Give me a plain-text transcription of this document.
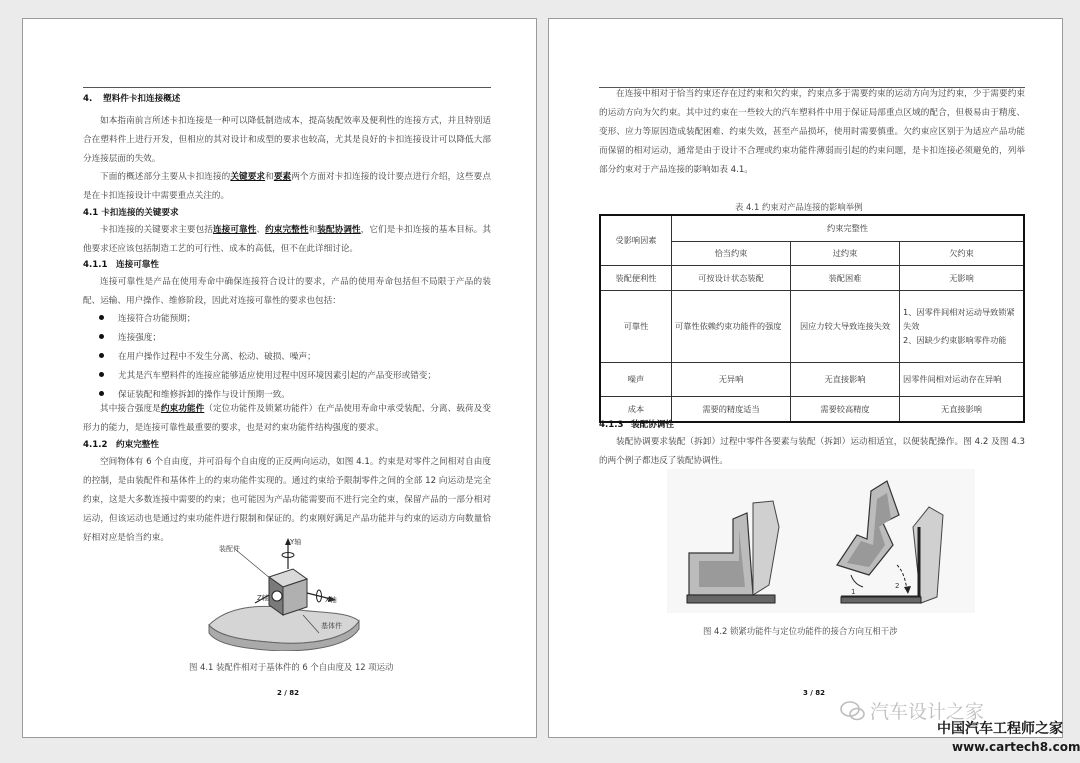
4. 塑料件卡扣连接概述

如本指南前言所述卡扣连接是一种可以降低制造成本，提高装配效率及便利性的连接方式，并且特别适合在塑料件上进行开发，但相应的其对设计和成型的要求也较高，尤其是良好的卡扣连接设计可以降低大部分连接层面的失效。

下面的概述部分主要从卡扣连接的关键要求和要素两个方面对卡扣连接的设计要点进行介绍，这些要点是在卡扣连接设计中需要重点关注的。

4.1 卡扣连接的关键要求

卡扣连接的关键要求主要包括连接可靠性、约束完整性和装配协调性，它们是卡扣连接的基本目标。其他要求还应该包括制造工艺的可行性、成本的高低，但不在此详细讨论。

4.1.1 连接可靠性

连接可靠性是产品在使用寿命中确保连接符合设计的要求，产品的使用寿命包括但不局限于产品的装配、运输、用户操作、维修阶段，因此对连接可靠性的要求也包括：

连接符合功能预期；
连接强度；
在用户操作过程中不发生分离、松动、破损、噪声；
尤其是汽车塑料件的连接应能够适应使用过程中因环境因素引起的产品变形或错变；
保证装配和维修拆卸的操作与设计预期一致。

其中接合强度是约束功能件（定位功能件及锁紧功能件）在产品使用寿命中承受装配、分离、载荷及变形力的能力，是连接可靠性最重要的要求，也是对约束功能件结构强度的要求。

4.1.2 约束完整性

空间物体有 6 个自由度，并可沿每个自由度的正反两向运动，如图 4.1。约束是对零件之间相对自由度的控制，是由装配件和基体件上的约束功能件实现的。通过约束给予限制零件之间的全部 12 向运动是完全约束，这是大多数连接中需要的约束；也可能因为产品功能需要而不进行完全约束，保留产品的一部分相对运动，但该运动也是通过约束功能件进行限制和保证的。约束刚好满足产品功能并与约束的运动方向数量恰好相对应是恰当约束。

装配件
Y轴
X轴
Z轴
基体件
图 4.1 装配件相对于基体件的 6 个自由度及 12 项运动
2 / 82

在连接中相对于恰当约束还存在过约束和欠约束，约束点多于需要约束的运动方向为过约束，少于需要约束的运动方向为欠约束。其中过约束在一些较大的汽车塑料件中用于保证局部重点区域的配合，但极易由于精度、变形、应力等原因造成装配困难、约束失效，甚至产品损坏，使用时需要慎重。欠约束应区别于为适应产品功能而保留的相对运动，通常是由于设计不合理或约束功能件薄弱而引起的约束问题，是卡扣连接必须避免的，列举部分约束对于产品连接的影响如表 4.1。

表 4.1 约束对产品连接的影响举例
受影响因素	约束完整性		
	恰当约束	过约束	欠约束
装配便利性	可按设计状态装配	装配困难	无影响
可靠性	可靠性依赖约束功能件的强度	因应力较大导致连接失效	1、因零件间相对运动导致锁紧失效
2、因缺少约束影响零件功能
噪声	无异响	无直接影响	因零件间相对运动存在异响
成本	需要的精度适当	需要较高精度	无直接影响
4.1.3 装配协调性

装配协调要求装配（拆卸）过程中零件各要素与装配（拆卸）运动相适宜，以便装配操作。图 4.2 及图 4.3 的两个例子都违反了装配协调性。

1
2
图 4.2 锁紧功能件与定位功能件的接合方向互相干涉
3 / 82
汽车设计之家
中国汽车工程师之家
www.cartech8.com
